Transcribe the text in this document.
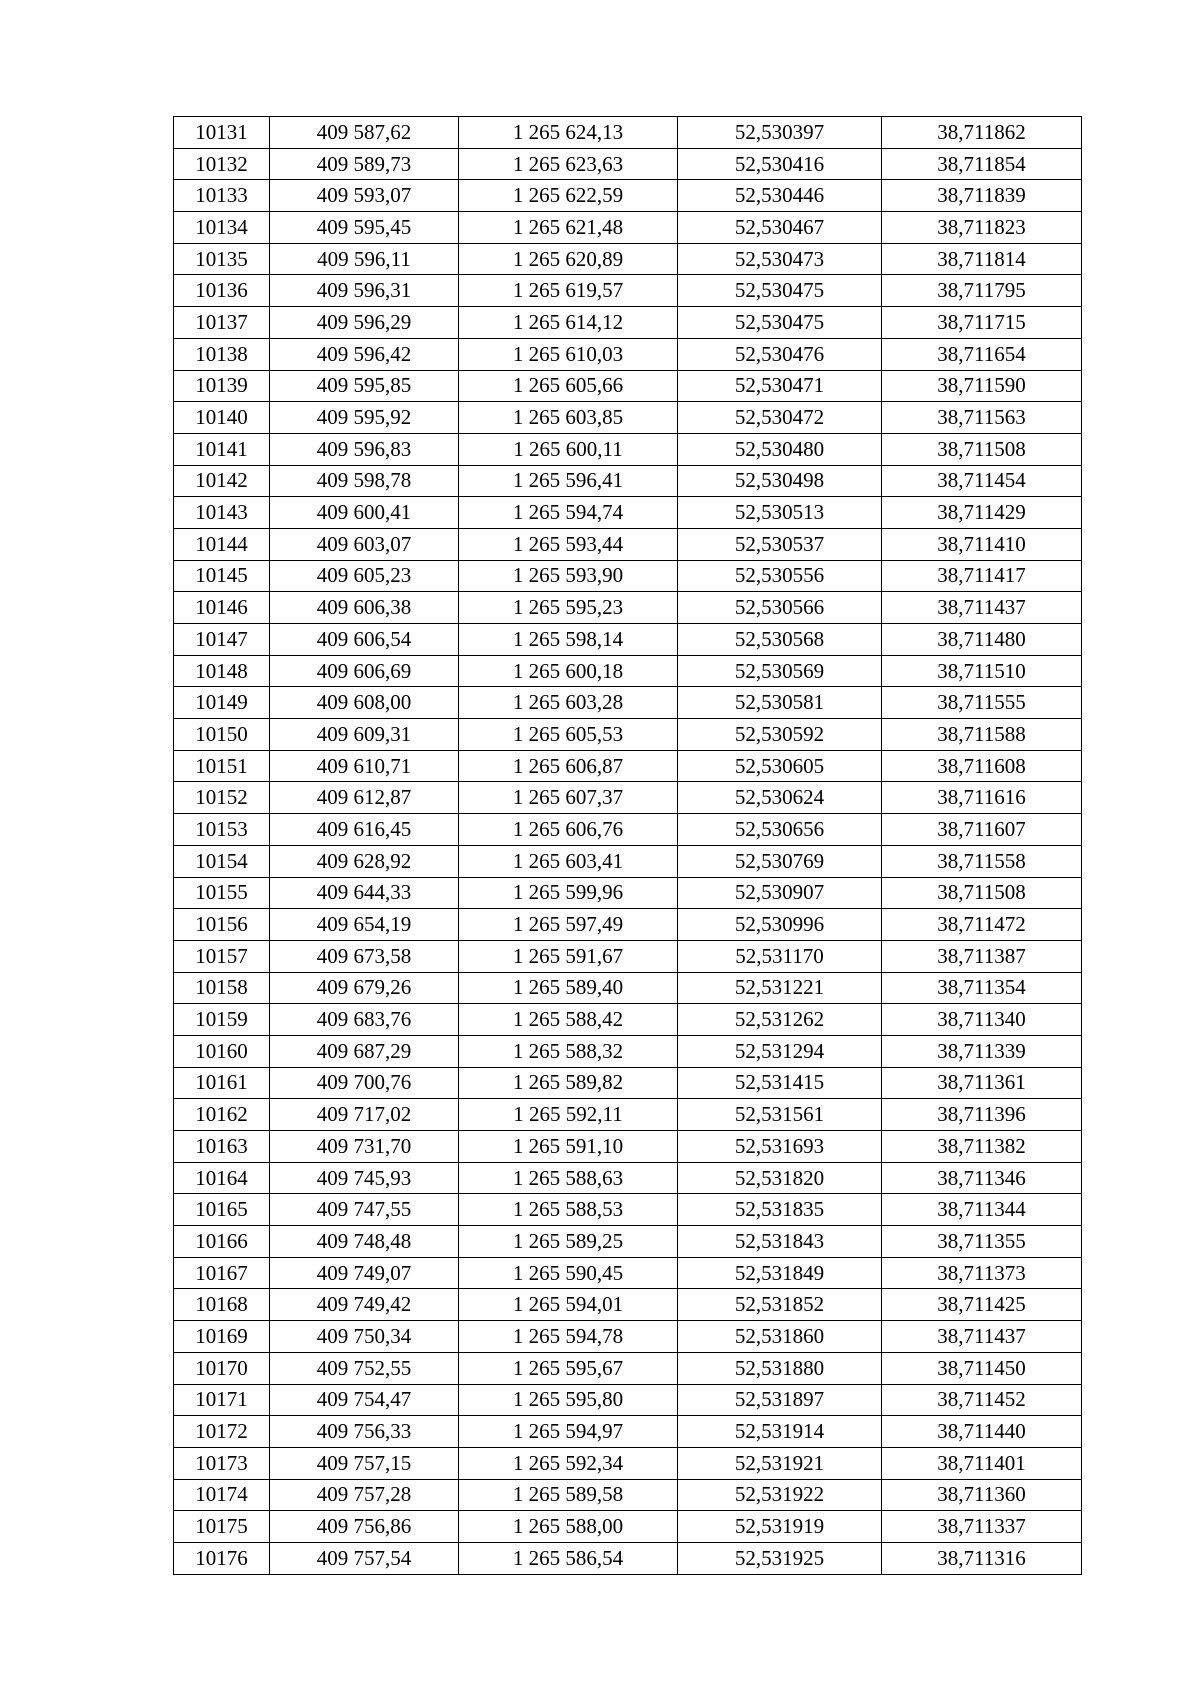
10131	409 587,62	1 265 624,13	52,530397	38,711862
10132	409 589,73	1 265 623,63	52,530416	38,711854
10133	409 593,07	1 265 622,59	52,530446	38,711839
10134	409 595,45	1 265 621,48	52,530467	38,711823
10135	409 596,11	1 265 620,89	52,530473	38,711814
10136	409 596,31	1 265 619,57	52,530475	38,711795
10137	409 596,29	1 265 614,12	52,530475	38,711715
10138	409 596,42	1 265 610,03	52,530476	38,711654
10139	409 595,85	1 265 605,66	52,530471	38,711590
10140	409 595,92	1 265 603,85	52,530472	38,711563
10141	409 596,83	1 265 600,11	52,530480	38,711508
10142	409 598,78	1 265 596,41	52,530498	38,711454
10143	409 600,41	1 265 594,74	52,530513	38,711429
10144	409 603,07	1 265 593,44	52,530537	38,711410
10145	409 605,23	1 265 593,90	52,530556	38,711417
10146	409 606,38	1 265 595,23	52,530566	38,711437
10147	409 606,54	1 265 598,14	52,530568	38,711480
10148	409 606,69	1 265 600,18	52,530569	38,711510
10149	409 608,00	1 265 603,28	52,530581	38,711555
10150	409 609,31	1 265 605,53	52,530592	38,711588
10151	409 610,71	1 265 606,87	52,530605	38,711608
10152	409 612,87	1 265 607,37	52,530624	38,711616
10153	409 616,45	1 265 606,76	52,530656	38,711607
10154	409 628,92	1 265 603,41	52,530769	38,711558
10155	409 644,33	1 265 599,96	52,530907	38,711508
10156	409 654,19	1 265 597,49	52,530996	38,711472
10157	409 673,58	1 265 591,67	52,531170	38,711387
10158	409 679,26	1 265 589,40	52,531221	38,711354
10159	409 683,76	1 265 588,42	52,531262	38,711340
10160	409 687,29	1 265 588,32	52,531294	38,711339
10161	409 700,76	1 265 589,82	52,531415	38,711361
10162	409 717,02	1 265 592,11	52,531561	38,711396
10163	409 731,70	1 265 591,10	52,531693	38,711382
10164	409 745,93	1 265 588,63	52,531820	38,711346
10165	409 747,55	1 265 588,53	52,531835	38,711344
10166	409 748,48	1 265 589,25	52,531843	38,711355
10167	409 749,07	1 265 590,45	52,531849	38,711373
10168	409 749,42	1 265 594,01	52,531852	38,711425
10169	409 750,34	1 265 594,78	52,531860	38,711437
10170	409 752,55	1 265 595,67	52,531880	38,711450
10171	409 754,47	1 265 595,80	52,531897	38,711452
10172	409 756,33	1 265 594,97	52,531914	38,711440
10173	409 757,15	1 265 592,34	52,531921	38,711401
10174	409 757,28	1 265 589,58	52,531922	38,711360
10175	409 756,86	1 265 588,00	52,531919	38,711337
10176	409 757,54	1 265 586,54	52,531925	38,711316
